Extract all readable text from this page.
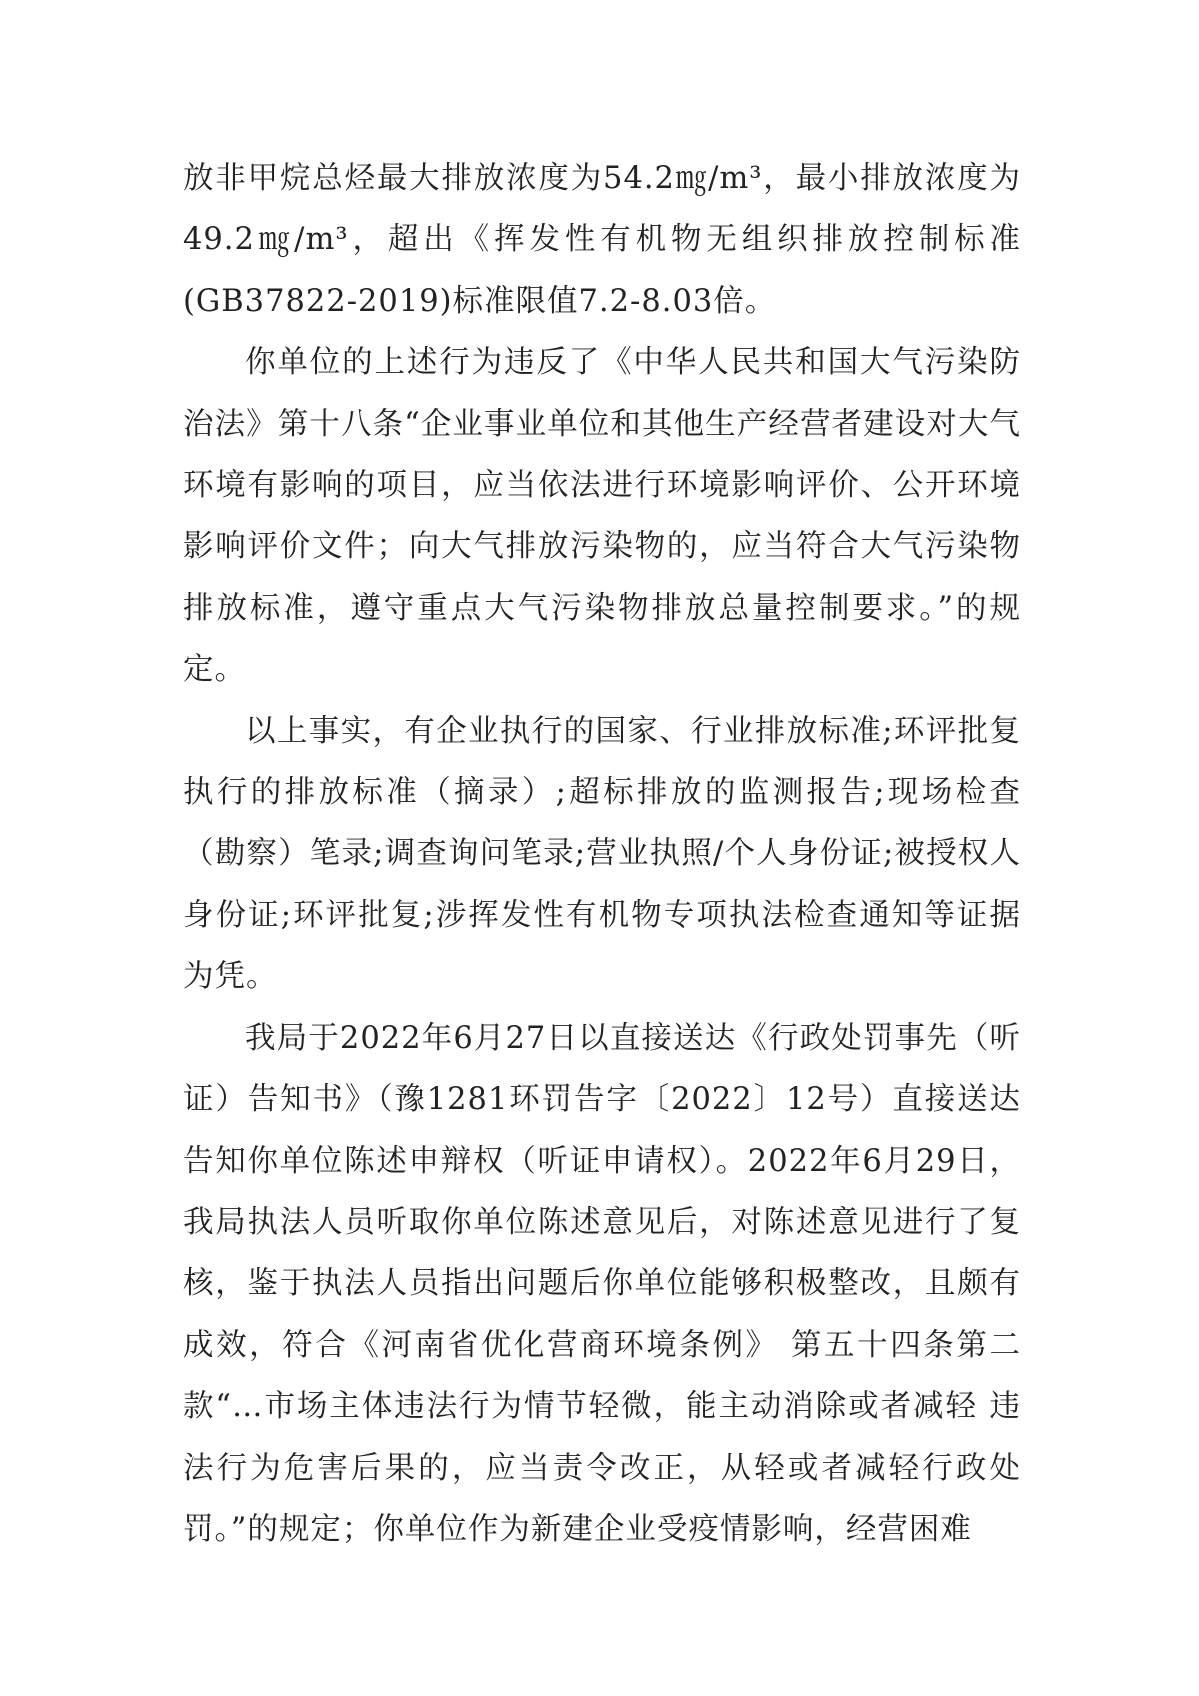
放非甲烷总烃最大排放浓度为54.2㎎/m³，最小排放浓度为49.2㎎/m³，超出《挥发性有机物无组织排放控制标准(GB37822-2019)标准限值7.2-8.03倍。

你单位的上述行为违反了《中华人民共和国大气污染防治法》第十八条“企业事业单位和其他生产经营者建设对大气环境有影响的项目，应当依法进行环境影响评价、公开环境影响评价文件；向大气排放污染物的，应当符合大气污染物排放标准，遵守重点大气污染物排放总量控制要求。”的规定。

以上事实，有企业执行的国家、行业排放标准;环评批复执行的排放标准（摘录）;超标排放的监测报告;现场检查（勘察）笔录;调查询问笔录;营业执照/个人身份证;被授权人身份证;环评批复;涉挥发性有机物专项执法检查通知等证据为凭。

我局于2022年6月27日以直接送达《行政处罚事先（听证）告知书》（豫1281环罚告字〔2022〕12号）直接送达告知你单位陈述申辩权（听证申请权）。2022年6月29日，我局执法人员听取你单位陈述意见后，对陈述意见进行了复核，鉴于执法人员指出问题后你单位能够积极整改，且颇有成效，符合《河南省优化营商环境条例》 第五十四条第二款“…市场主体违法行为情节轻微，能主动消除或者减轻 违法行为危害后果的，应当责令改正，从轻或者减轻行政处罚。”的规定；你单位作为新建企业受疫情影响，经营困难
